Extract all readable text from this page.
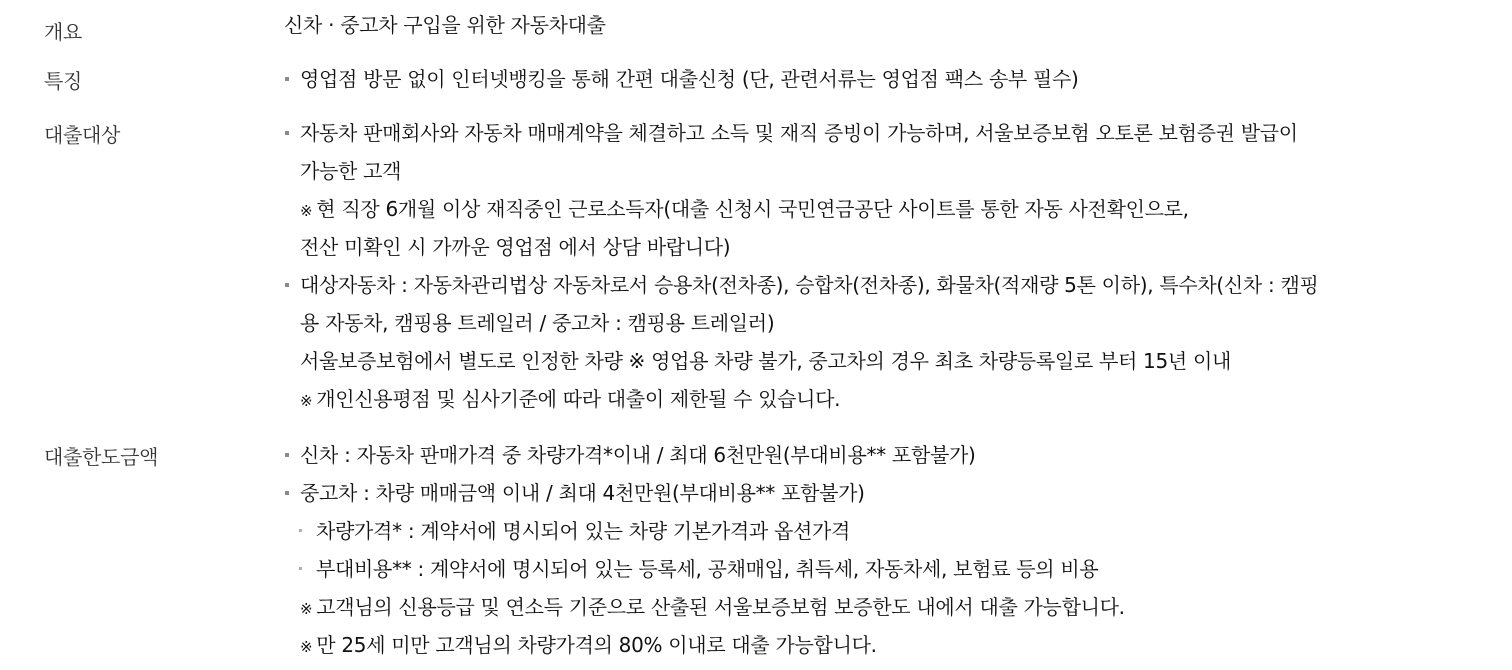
개요	신차 · 중고차 구입을 위한 자동차대출
특징	영업점 방문 없이 인터넷뱅킹을 통해 간편 대출신청 (단, 관련서류는 영업점 팩스 송부 필수)
대출대상	자동차 판매회사와 자동차 매매계약을 체결하고 소득 및 재직 증빙이 가능하며, 서울보증보험 오토론 보험증권 발급이
가능한 고객
※ 현 직장 6개월 이상 재직중인 근로소득자(대출 신청시 국민연금공단 사이트를 통한 자동 사전확인으로,
전산 미확인 시 가까운 영업점 에서 상담 바랍니다)
대상자동차 : 자동차관리법상 자동차로서 승용차(전차종), 승합차(전차종), 화물차(적재량 5톤 이하), 특수차(신차 : 캠핑
용 자동차, 캠핑용 트레일러 / 중고차 : 캠핑용 트레일러)
서울보증보험에서 별도로 인정한 차량 ※ 영업용 차량 불가, 중고차의 경우 최초 차량등록일로 부터 15년 이내
※ 개인신용평점 및 심사기준에 따라 대출이 제한될 수 있습니다.
대출한도금액	신차 : 자동차 판매가격 중 차량가격*이내 / 최대 6천만원(부대비용** 포함불가)
중고차 : 차량 매매금액 이내 / 최대 4천만원(부대비용** 포함불가)
차량가격* : 계약서에 명시되어 있는 차량 기본가격과 옵션가격
부대비용** : 계약서에 명시되어 있는 등록세, 공채매입, 취득세, 자동차세, 보험료 등의 비용
※ 고객님의 신용등급 및 연소득 기준으로 산출된 서울보증보험 보증한도 내에서 대출 가능합니다.
※ 만 25세 미만 고객님의 차량가격의 80% 이내로 대출 가능합니다.
